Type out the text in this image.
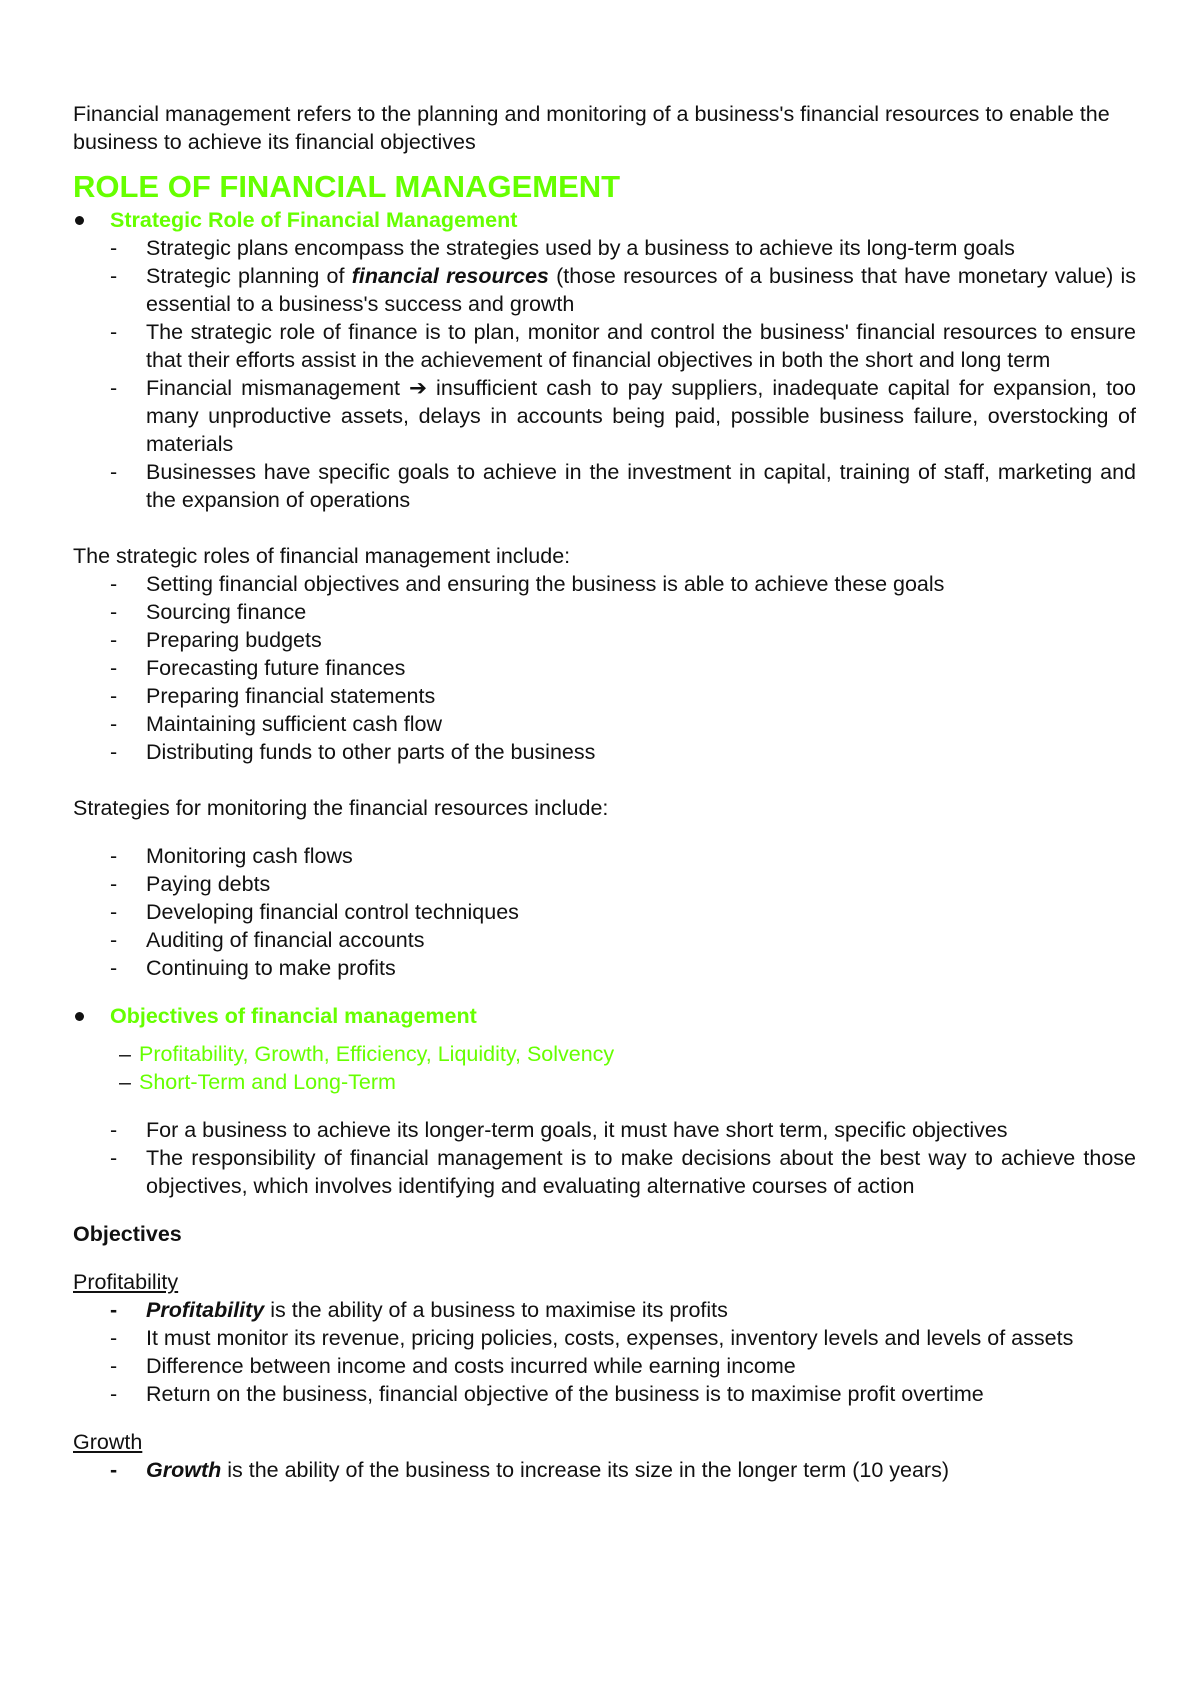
Financial management refers to the planning and monitoring of a business's financial resources to enable the business to achieve its financial objectives

ROLE OF FINANCIAL MANAGEMENT

Strategic Role of Financial Management

- Strategic plans encompass the strategies used by a business to achieve its long-term goals
- Strategic planning of financial resources (those resources of a business that have monetary value) is essential to a business's success and growth
- The strategic role of finance is to plan, monitor and control the business' financial resources to ensure that their efforts assist in the achievement of financial objectives in both the short and long term
- Financial mismanagement ➔ insufficient cash to pay suppliers, inadequate capital for expansion, too many unproductive assets, delays in accounts being paid, possible business failure, overstocking of materials
- Businesses have specific goals to achieve in the investment in capital, training of staff, marketing and the expansion of operations

The strategic roles of financial management include:

- Setting financial objectives and ensuring the business is able to achieve these goals
- Sourcing finance
- Preparing budgets
- Forecasting future finances
- Preparing financial statements
- Maintaining sufficient cash flow
- Distributing funds to other parts of the business

Strategies for monitoring the financial resources include:

- Monitoring cash flows
- Paying debts
- Developing financial control techniques
- Auditing of financial accounts
- Continuing to make profits

Objectives of financial management

– Profitability, Growth, Efficiency, Liquidity, Solvency
– Short-Term and Long-Term
- For a business to achieve its longer-term goals, it must have short term, specific objectives
- The responsibility of financial management is to make decisions about the best way to achieve those objectives, which involves identifying and evaluating alternative courses of action

Objectives

Profitability

- Profitability is the ability of a business to maximise its profits
- It must monitor its revenue, pricing policies, costs, expenses, inventory levels and levels of assets
- Difference between income and costs incurred while earning income
- Return on the business, financial objective of the business is to maximise profit overtime

Growth

- Growth is the ability of the business to increase its size in the longer term (10 years)
